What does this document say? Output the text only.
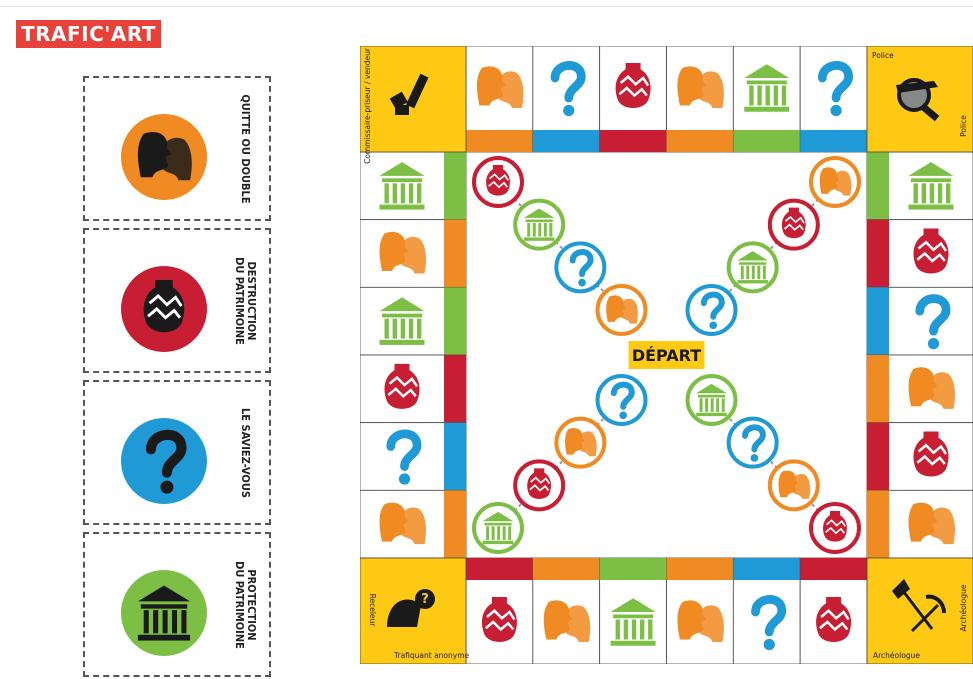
TRAFIC'ART
QUITTE OU DOUBLE
DESTRUCTION
DU PATRIMOINE
LE SAVIEZ-VOUS
PROTECTION
DU PATRIMOINE
Commissaire-priseur / vendeur	Police
Police
?
Receleur
Trafiquant anonyme
Archéologue
Archéologue
DÉPART
